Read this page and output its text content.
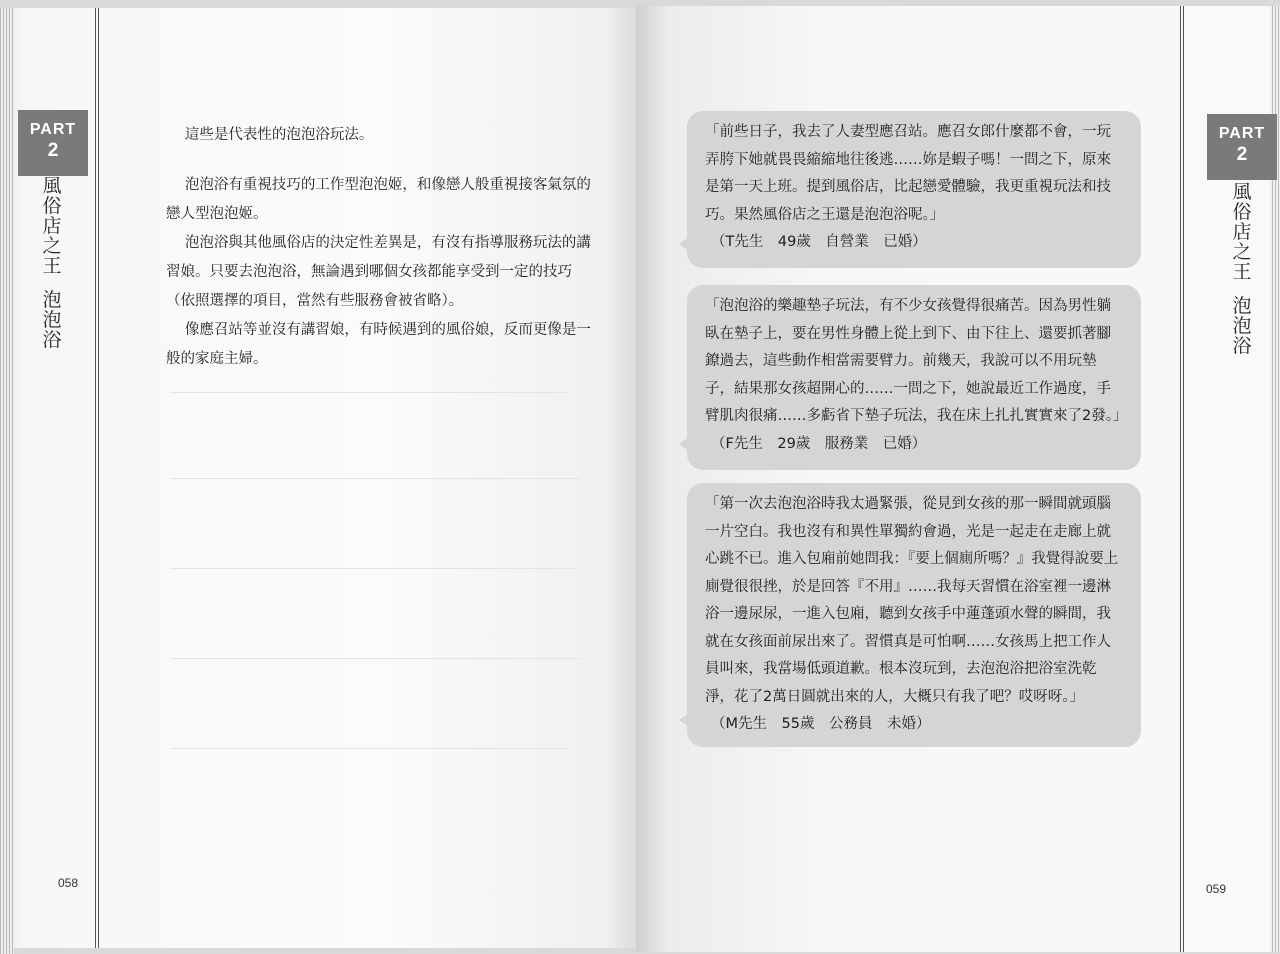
PART
2
風
俗
店
之
王

泡
泡
浴

這些是代表性的泡泡浴玩法。

泡泡浴有重視技巧的工作型泡泡姬，和像戀人般重視接客氣氛的戀人型泡泡姬。

泡泡浴與其他風俗店的決定性差異是，有沒有指導服務玩法的講習娘。只要去泡泡浴，無論遇到哪個女孩都能享受到一定的技巧（依照選擇的項目，當然有些服務會被省略）。

像應召站等並沒有講習娘，有時候遇到的風俗娘，反而更像是一般的家庭主婦。

058
PART
2
風
俗
店
之
王

泡
泡
浴
059
「前些日子，我去了人妻型應召站。應召女郎什麼都不會，一玩弄胯下她就畏畏縮縮地往後逃……妳是蝦子嗎！一問之下，原來是第一天上班。提到風俗店，比起戀愛體驗，我更重視玩法和技巧。果然風俗店之王還是泡泡浴呢。」
（T先生　49歲　自營業　已婚）
「泡泡浴的樂趣墊子玩法，有不少女孩覺得很痛苦。因為男性躺臥在墊子上，要在男性身體上從上到下、由下往上、還要抓著腳鐐過去，這些動作相當需要臂力。前幾天，我說可以不用玩墊子，結果那女孩超開心的……一問之下，她說最近工作過度，手臂肌肉很痛……多虧省下墊子玩法，我在床上扎扎實實來了2發。」
（F先生　29歲　服務業　已婚）
「第一次去泡泡浴時我太過緊張，從見到女孩的那一瞬間就頭腦一片空白。我也沒有和異性單獨約會過，光是一起走在走廊上就心跳不已。進入包廂前她問我：『要上個廁所嗎？』我覺得說要上廁覺很很挫，於是回答『不用』……我每天習慣在浴室裡一邊淋浴一邊尿尿，一進入包廂，聽到女孩手中蓮蓬頭水聲的瞬間，我就在女孩面前尿出來了。習慣真是可怕啊……女孩馬上把工作人員叫來，我當場低頭道歉。根本沒玩到，去泡泡浴把浴室洗乾淨，花了2萬日圓就出來的人，大概只有我了吧？哎呀呀。」
（M先生　55歲　公務員　未婚）
